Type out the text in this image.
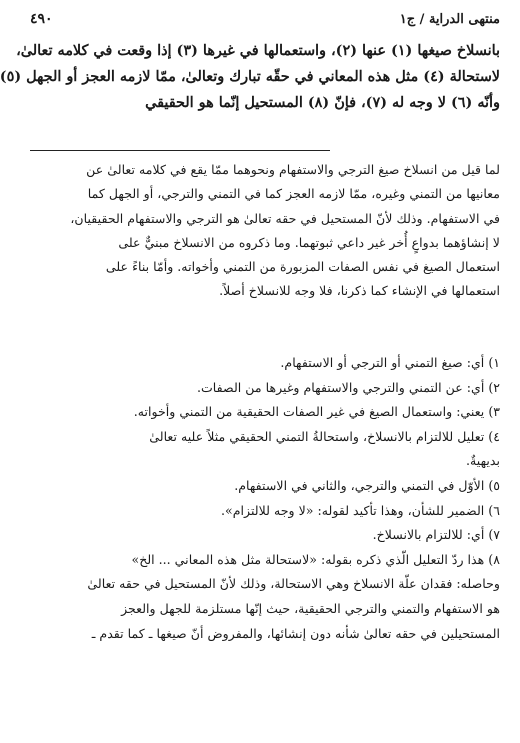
منتهى الدراية / ج١
٤٩٠

بانسلاخ صيغها (١) عنها (٢)، واستعمالها في غيرها (٣) إذا وقعت في كلامه تعالىٰ،

لاستحالة (٤) مثل هذه المعاني في حقّه تبارك وتعالىٰ، ممّا لازمه العجز أو الجهل (٥)

وأنّه (٦) لا وجه له (٧)، فإنّ (٨) المستحيل إنّما هو الحقيقي

لما قيل من انسلاخ صيغ الترجي والاستفهام ونحوهما ممّا يقع في كلامه تعالىٰ عن

معانيها من التمني وغيره، ممّا لازمه العجز كما في التمني والترجي، أو الجهل كما

في الاستفهام. وذلك لأنّ المستحيل في حقه تعالىٰ هو الترجي والاستفهام الحقيقيان،

لا إنشاؤهما بدواعٍ أُخر غير داعي ثبوتهما. وما ذكروه من الانسلاخ مبنيٌّ على

استعمال الصيغ في نفس الصفات المزبورة من التمني وأخواته. وأمّا بناءً على

استعمالها في الإنشاء كما ذكرنا، فلا وجه للانسلاخ أصلاً.

١) أي: صيغ التمني أو الترجي أو الاستفهام.

٢) أي: عن التمني والترجي والاستفهام وغيرها من الصفات.

٣) يعني: واستعمال الصيغ في غير الصفات الحقيقية من التمني وأخواته.

٤) تعليل للالتزام بالانسلاخ، واستحالةُ التمني الحقيقي مثلاً عليه تعالىٰ

بديهيةٌ.

٥) الأوّل في التمني والترجي، والثاني في الاستفهام.

٦) الضمير للشأن، وهذا تأكيد لقوله: «لا وجه للالتزام».

٧) أي: للالتزام بالانسلاخ.

٨) هذا ردّ التعليل الّذي ذكره بقوله: «لاستحالة مثل هذه المعاني ... الخ»

وحاصله: فقدان علّة الانسلاخ وهي الاستحالة، وذلك لأنّ المستحيل في حقه تعالىٰ

هو الاستفهام والتمني والترجي الحقيقية، حيث إنّها مستلزمة للجهل والعجز

المستحيلين في حقه تعالىٰ شأنه دون إنشائها، والمفروض أنّ صيغها ـ كما تقدم ـ
